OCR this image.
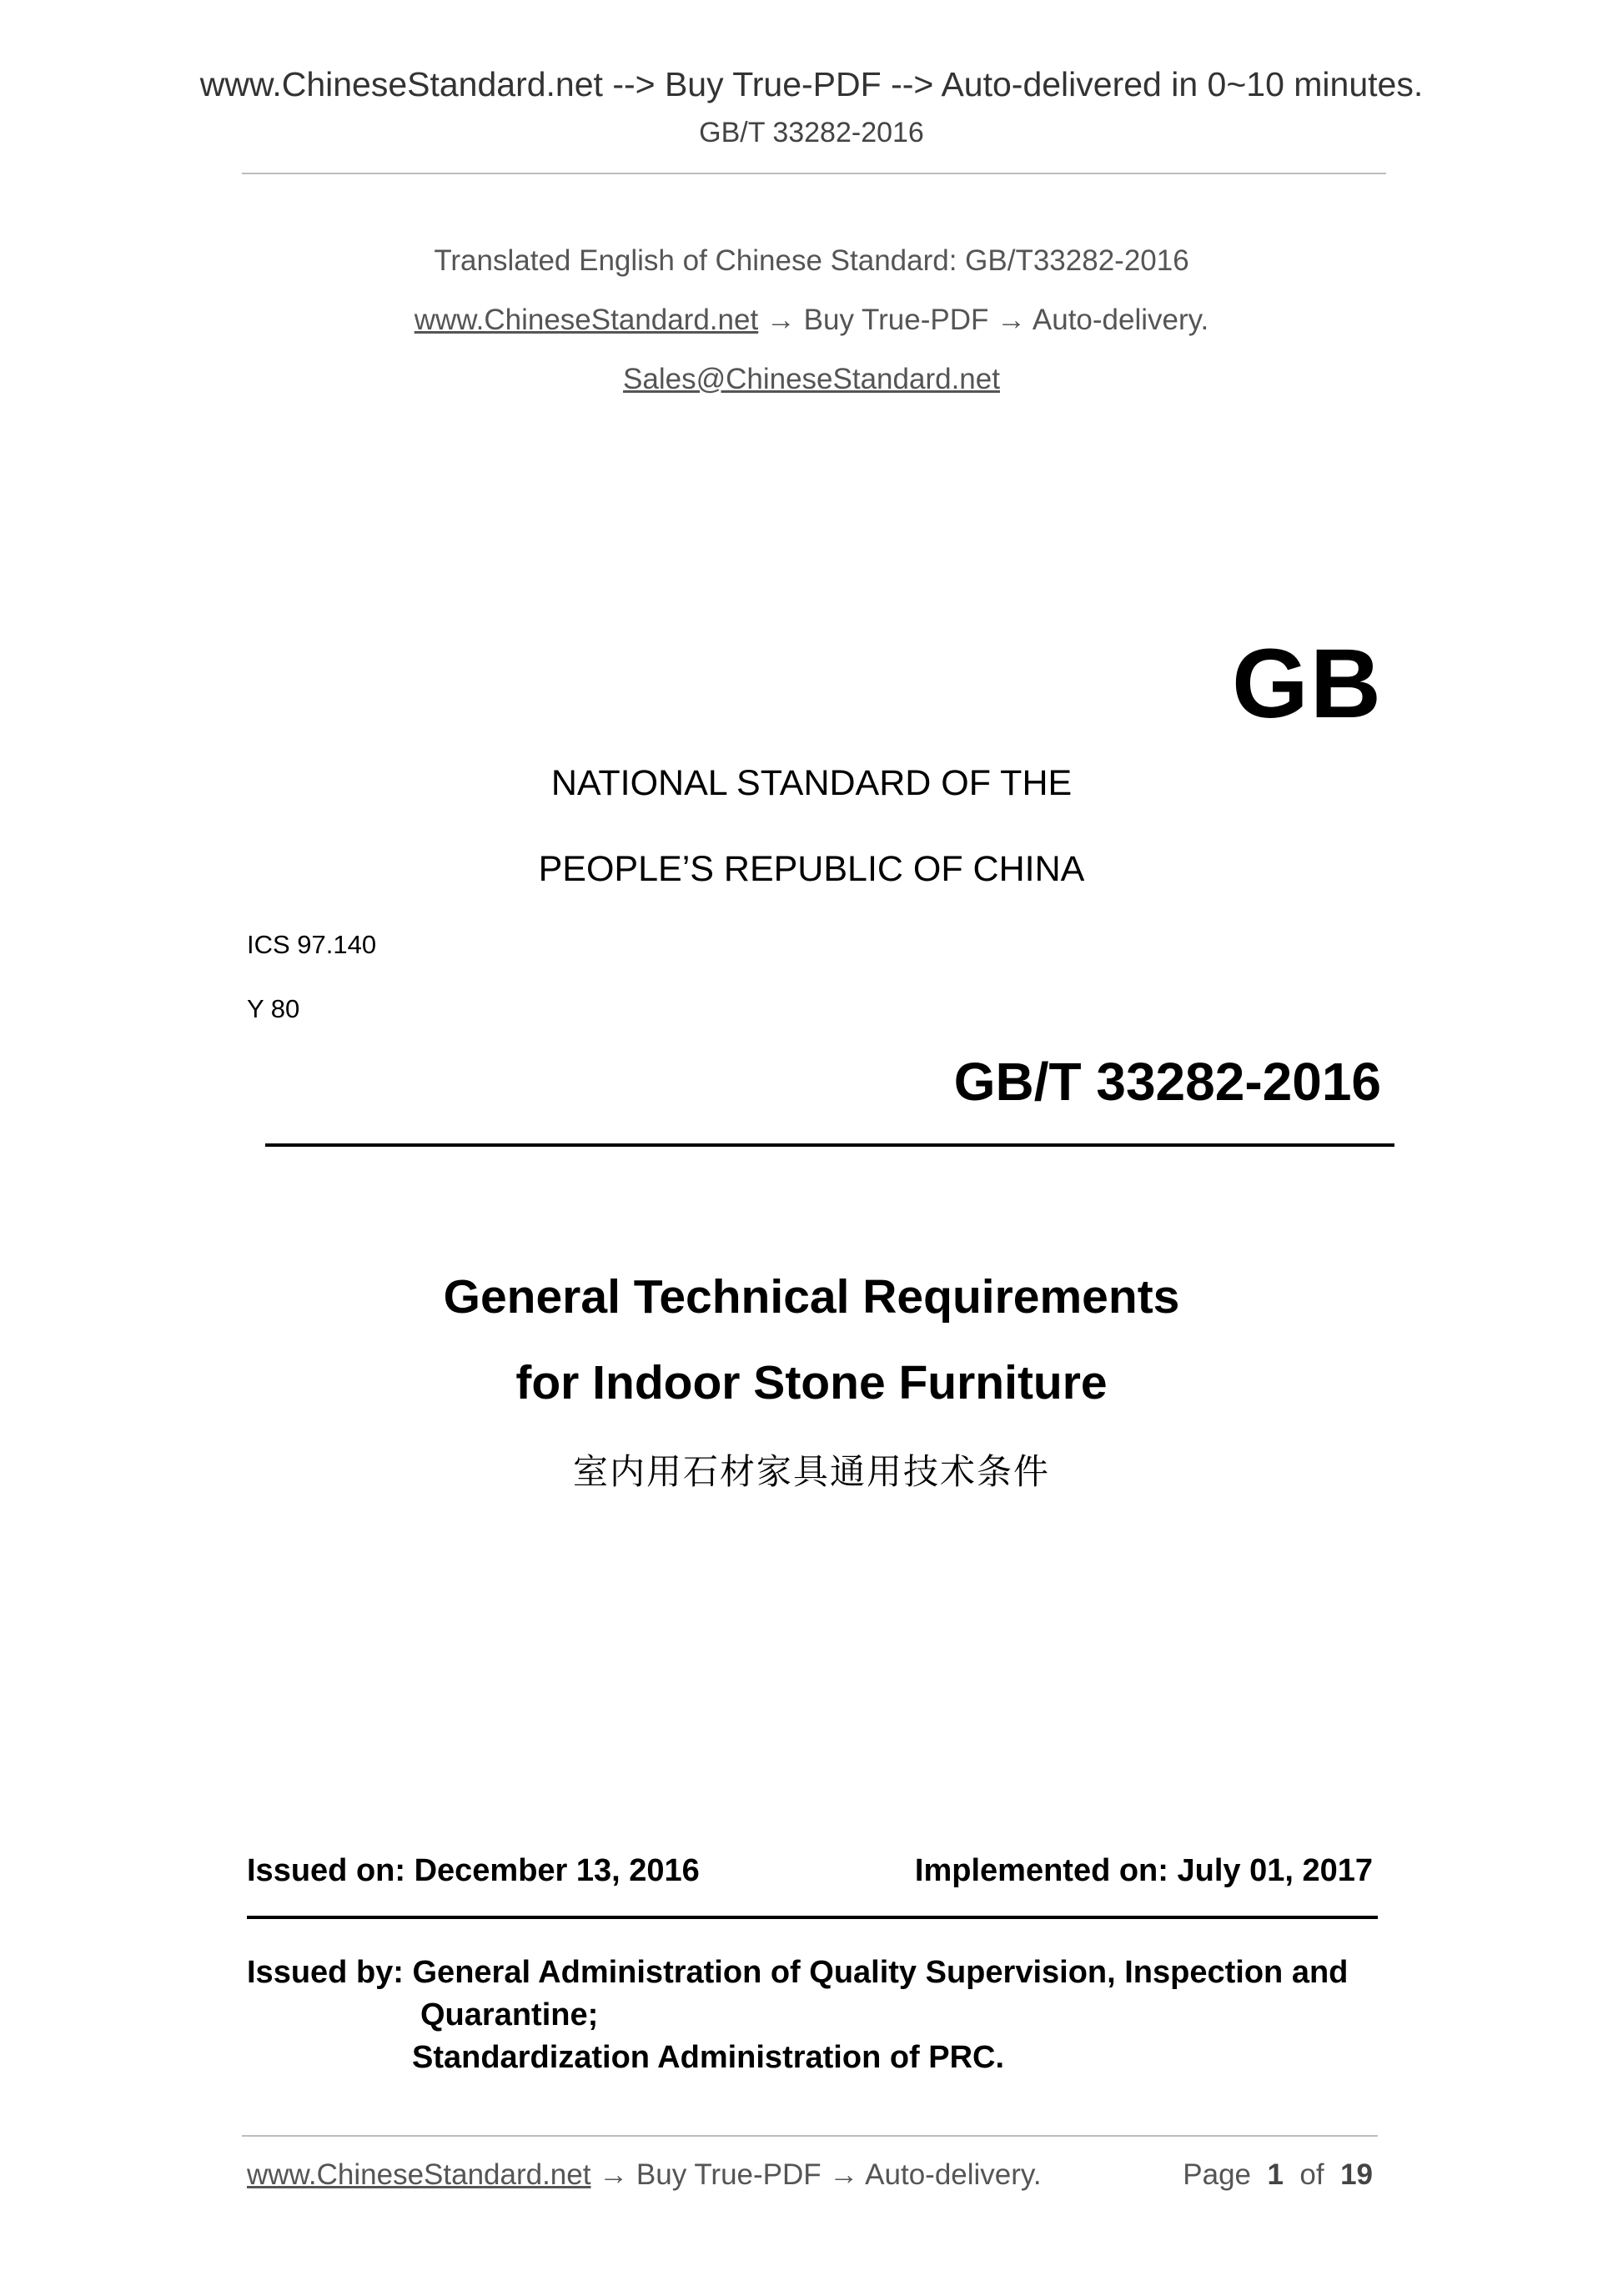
www.ChineseStandard.net --> Buy True-PDF --> Auto-delivered in 0~10 minutes.
GB/T 33282-2016
Translated English of Chinese Standard: GB/T33282-2016
www.ChineseStandard.net → Buy True-PDF → Auto-delivery.
Sales@ChineseStandard.net
GB
NATIONAL STANDARD OF THE
PEOPLE’S REPUBLIC OF CHINA
ICS 97.140
Y 80
GB/T 33282-2016
General Technical Requirements
for Indoor Stone Furniture
室内用石材家具通用技术条件
Issued on: December 13, 2016	Implemented on: July 01, 2017
Issued by: General Administration of Quality Supervision, Inspection and
Quarantine;
Standardization Administration of PRC.
www.ChineseStandard.net → Buy True-PDF → Auto-delivery.	Page 1 of 19
